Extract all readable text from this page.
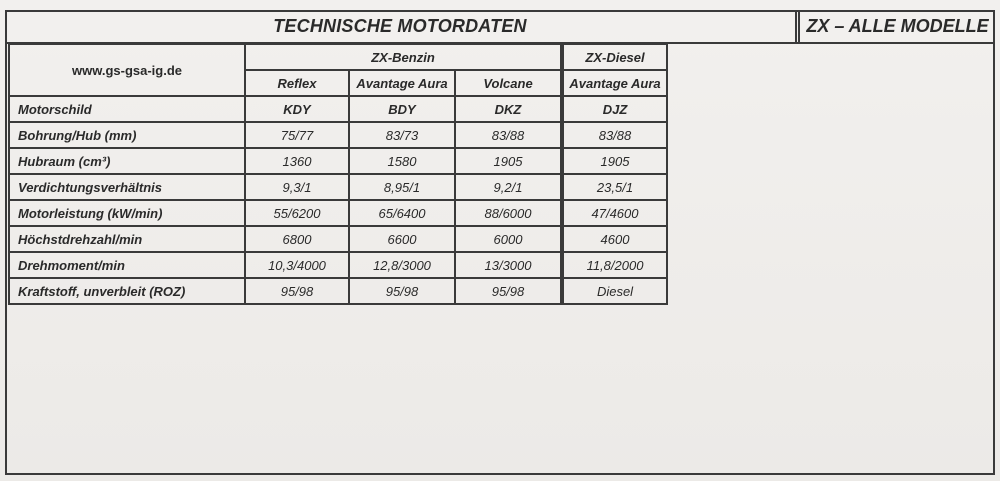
TECHNISCHE MOTORDATEN	ZX – ALLE MODELLE
www.gs-gsa-ig.de	ZX-Benzin			ZX-Diesel
	Reflex	Avantage Aura	Volcane	Avantage Aura
Motorschild	KDY	BDY	DKZ	DJZ
Bohrung/Hub (mm)	75/77	83/73	83/88	83/88
Hubraum (cm³)	1360	1580	1905	1905
Verdichtungsverhältnis	9,3/1	8,95/1	9,2/1	23,5/1
Motorleistung (kW/min)	55/6200	65/6400	88/6000	47/4600
Höchstdrehzahl/min	6800	6600	6000	4600
Drehmoment/min	10,3/4000	12,8/3000	13/3000	11,8/2000
Kraftstoff, unverbleit (ROZ)	95/98	95/98	95/98	Diesel
